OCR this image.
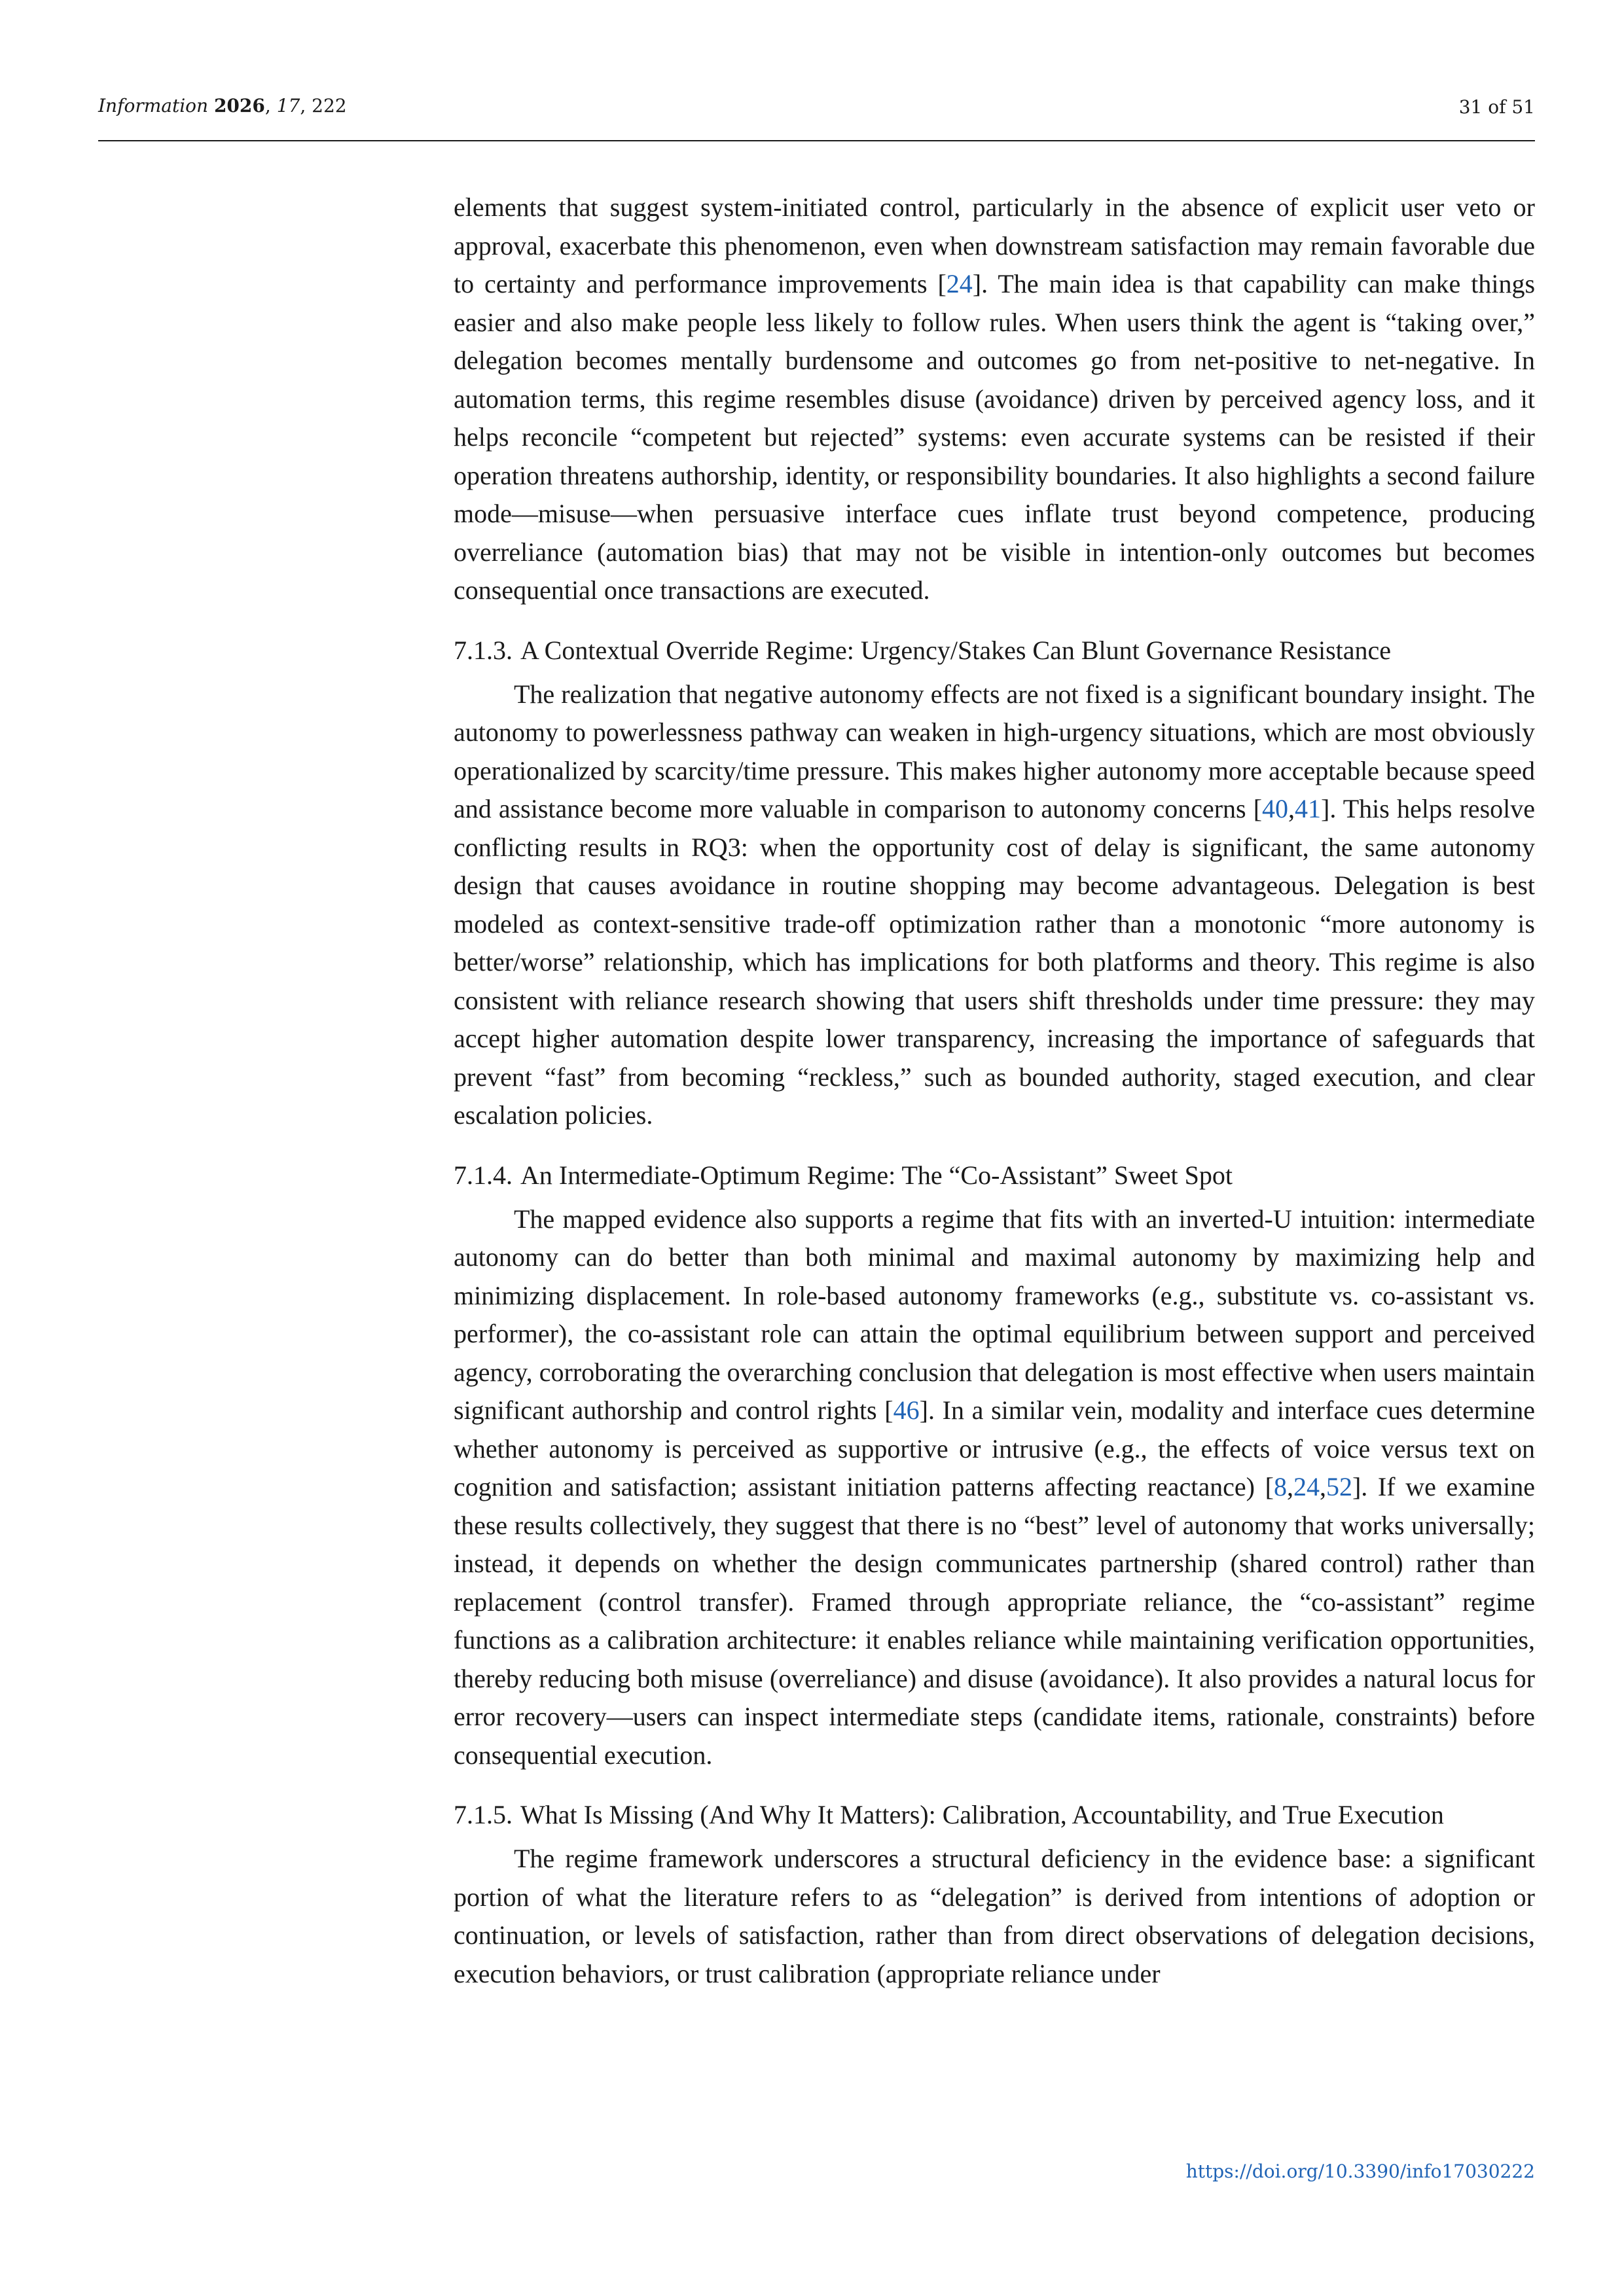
Information 2026, 17, 222	31 of 51

elements that suggest system-initiated control, particularly in the absence of explicit user veto or approval, exacerbate this phenomenon, even when downstream satisfaction may remain favorable due to certainty and performance improvements [24]. The main idea is that capability can make things easier and also make people less likely to follow rules. When users think the agent is “taking over,” delegation becomes mentally burdensome and outcomes go from net-positive to net-negative. In automation terms, this regime resembles disuse (avoidance) driven by perceived agency loss, and it helps reconcile “competent but rejected” systems: even accurate systems can be resisted if their operation threatens authorship, identity, or responsibility boundaries. It also highlights a second failure mode—misuse—when persuasive interface cues inflate trust beyond competence, producing overreliance (automation bias) that may not be visible in intention-only outcomes but becomes consequential once transactions are executed.

7.1.3. A Contextual Override Regime: Urgency/Stakes Can Blunt Governance Resistance

The realization that negative autonomy effects are not fixed is a significant boundary insight. The autonomy to powerlessness pathway can weaken in high-urgency situations, which are most obviously operationalized by scarcity/time pressure. This makes higher autonomy more acceptable because speed and assistance become more valuable in comparison to autonomy concerns [40,41]. This helps resolve conflicting results in RQ3: when the opportunity cost of delay is significant, the same autonomy design that causes avoidance in routine shopping may become advantageous. Delegation is best modeled as context-sensitive trade-off optimization rather than a monotonic “more autonomy is better/worse” relationship, which has implications for both platforms and theory. This regime is also consistent with reliance research showing that users shift thresholds under time pressure: they may accept higher automation despite lower transparency, increasing the importance of safeguards that prevent “fast” from becoming “reckless,” such as bounded authority, staged execution, and clear escalation policies.

7.1.4. An Intermediate-Optimum Regime: The “Co-Assistant” Sweet Spot

The mapped evidence also supports a regime that fits with an inverted-U intuition: intermediate autonomy can do better than both minimal and maximal autonomy by maximizing help and minimizing displacement. In role-based autonomy frameworks (e.g., substitute vs. co-assistant vs. performer), the co-assistant role can attain the optimal equilibrium between support and perceived agency, corroborating the overarching conclusion that delegation is most effective when users maintain significant authorship and control rights [46]. In a similar vein, modality and interface cues determine whether autonomy is perceived as supportive or intrusive (e.g., the effects of voice versus text on cognition and satisfaction; assistant initiation patterns affecting reactance) [8,24,52]. If we examine these results collectively, they suggest that there is no “best” level of autonomy that works universally; instead, it depends on whether the design communicates partnership (shared control) rather than replacement (control transfer). Framed through appropriate reliance, the “co-assistant” regime functions as a calibration architecture: it enables reliance while maintaining verification opportunities, thereby reducing both misuse (overreliance) and disuse (avoidance). It also provides a natural locus for error recovery—users can inspect intermediate steps (candidate items, rationale, constraints) before consequential execution.

7.1.5. What Is Missing (And Why It Matters): Calibration, Accountability, and True Execution

The regime framework underscores a structural deficiency in the evidence base: a significant portion of what the literature refers to as “delegation” is derived from intentions of adoption or continuation, or levels of satisfaction, rather than from direct observations of delegation decisions, execution behaviors, or trust calibration (appropriate reliance under

https://doi.org/10.3390/info17030222
